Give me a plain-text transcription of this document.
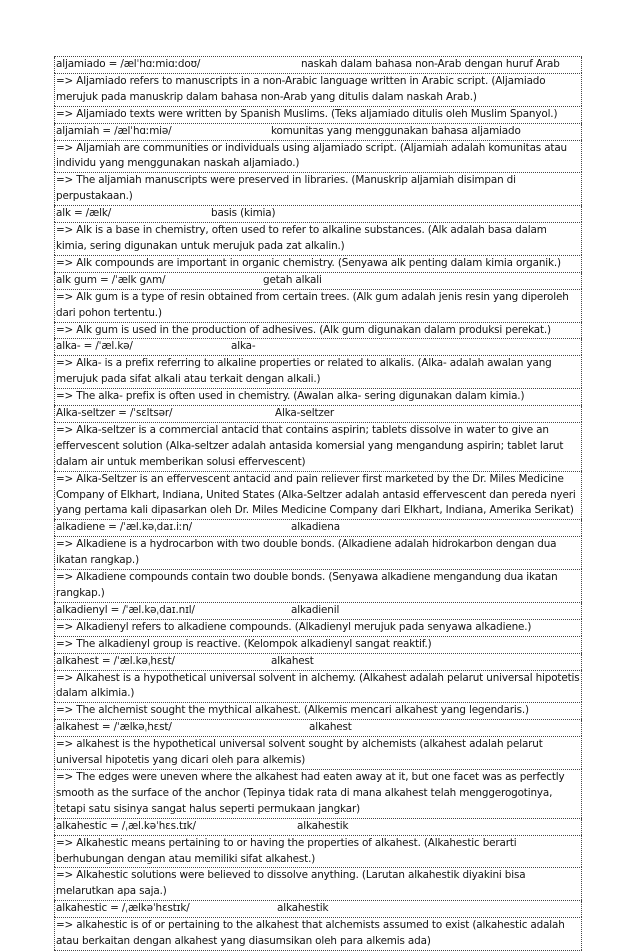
aljamiado = /ælˈhɑːmiɑːdoʊ/	naskah dalam bahasa non-Arab dengan huruf Arab
=> Aljamiado refers to manuscripts in a non-Arabic language written in Arabic script. (Aljamiado merujuk pada manuskrip dalam bahasa non-Arab yang ditulis dalam naskah Arab.)
=> Aljamiado texts were written by Spanish Muslims. (Teks aljamiado ditulis oleh Muslim Spanyol.)
aljamiah = /ælˈhɑːmiə/	komunitas yang menggunakan bahasa aljamiado
=> Aljamiah are communities or individuals using aljamiado script. (Aljamiah adalah komunitas atau individu yang menggunakan naskah aljamiado.)
=> The aljamiah manuscripts were preserved in libraries. (Manuskrip aljamiah disimpan di perpustakaan.)
alk = /ælk/	basis (kimia)
=> Alk is a base in chemistry, often used to refer to alkaline substances. (Alk adalah basa dalam kimia, sering digunakan untuk merujuk pada zat alkalin.)
=> Alk compounds are important in organic chemistry. (Senyawa alk penting dalam kimia organik.)
alk gum = /ˈælk gʌm/	getah alkali
=> Alk gum is a type of resin obtained from certain trees. (Alk gum adalah jenis resin yang diperoleh dari pohon tertentu.)
=> Alk gum is used in the production of adhesives. (Alk gum digunakan dalam produksi perekat.)
alka- = /ˈæl.kə/	alka-
=> Alka- is a prefix referring to alkaline properties or related to alkalis. (Alka- adalah awalan yang merujuk pada sifat alkali atau terkait dengan alkali.)
=> The alka- prefix is often used in chemistry. (Awalan alka- sering digunakan dalam kimia.)
Alka-seltzer = /ˈsɛltsər/	Alka-seltzer
=> Alka-seltzer is a commercial antacid that contains aspirin; tablets dissolve in water to give an effervescent solution (Alka-seltzer adalah antasida komersial yang mengandung aspirin; tablet larut dalam air untuk memberikan solusi effervescent)
=> Alka-Seltzer is an effervescent antacid and pain reliever first marketed by the Dr. Miles Medicine Company of Elkhart, Indiana, United States (Alka-Seltzer adalah antasid effervescent dan pereda nyeri yang pertama kali dipasarkan oleh Dr. Miles Medicine Company dari Elkhart, Indiana, Amerika Serikat)
alkadiene = /ˈæl.kəˌdaɪ.iːn/	alkadiena
=> Alkadiene is a hydrocarbon with two double bonds. (Alkadiene adalah hidrokarbon dengan dua ikatan rangkap.)
=> Alkadiene compounds contain two double bonds. (Senyawa alkadiene mengandung dua ikatan rangkap.)
alkadienyl = /ˈæl.kəˌdaɪ.nɪl/	alkadienil
=> Alkadienyl refers to alkadiene compounds. (Alkadienyl merujuk pada senyawa alkadiene.)
=> The alkadienyl group is reactive. (Kelompok alkadienyl sangat reaktif.)
alkahest = /ˈæl.kəˌhɛst/	alkahest
=> Alkahest is a hypothetical universal solvent in alchemy. (Alkahest adalah pelarut universal hipotetis dalam alkimia.)
=> The alchemist sought the mythical alkahest. (Alkemis mencari alkahest yang legendaris.)
alkahest = /ˈælkəˌhɛst/	alkahest
=> alkahest is the hypothetical universal solvent sought by alchemists (alkahest adalah pelarut universal hipotetis yang dicari oleh para alkemis)
=> The edges were uneven where the alkahest had eaten away at it, but one facet was as perfectly smooth as the surface of the anchor (Tepinya tidak rata di mana alkahest telah menggerogotinya, tetapi satu sisinya sangat halus seperti permukaan jangkar)
alkahestic = /ˌæl.kəˈhɛs.tɪk/	alkahestik
=> Alkahestic means pertaining to or having the properties of alkahest. (Alkahestic berarti berhubungan dengan atau memiliki sifat alkahest.)
=> Alkahestic solutions were believed to dissolve anything. (Larutan alkahestik diyakini bisa melarutkan apa saja.)
alkahestic = /ˌælkəˈhɛstɪk/	alkahestik
=> alkahestic is of or pertaining to the alkahest that alchemists assumed to exist (alkahestic adalah atau berkaitan dengan alkahest yang diasumsikan oleh para alkemis ada)
